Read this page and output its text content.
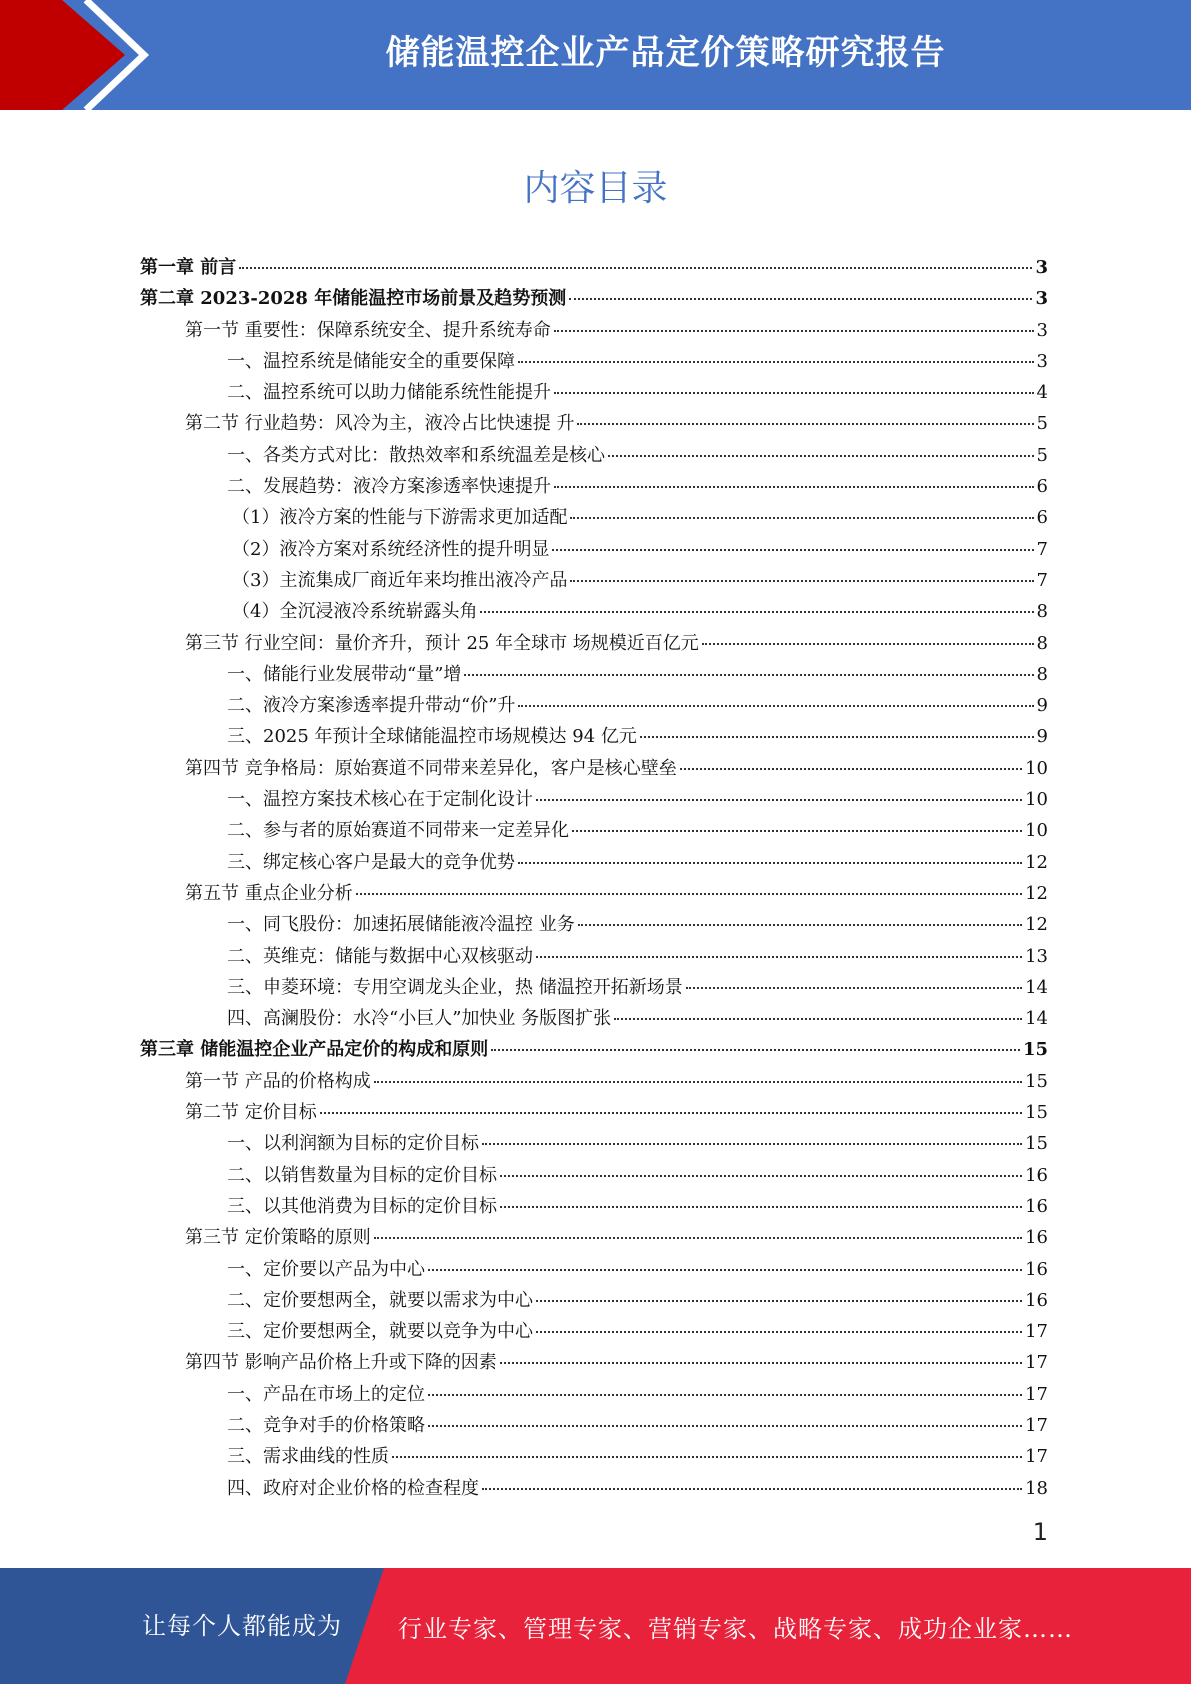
储能温控企业产品定价策略研究报告
内容目录
第一章 前言	3
第二章 2023-2028 年储能温控市场前景及趋势预测	3
第一节 重要性：保障系统安全、提升系统寿命	3
一、温控系统是储能安全的重要保障	3
二、温控系统可以助力储能系统性能提升	4
第二节 行业趋势：风冷为主，液冷占比快速提 升	5
一、各类方式对比：散热效率和系统温差是核心	5
二、发展趋势：液冷方案渗透率快速提升	6
（1）液冷方案的性能与下游需求更加适配	6
（2）液冷方案对系统经济性的提升明显	7
（3）主流集成厂商近年来均推出液冷产品	7
（4）全沉浸液冷系统崭露头角	8
第三节 行业空间：量价齐升，预计 25 年全球市 场规模近百亿元	8
一、储能行业发展带动“量”增	8
二、液冷方案渗透率提升带动“价”升	9
三、2025 年预计全球储能温控市场规模达 94 亿元	9
第四节 竞争格局：原始赛道不同带来差异化，客户是核心壁垒	10
一、温控方案技术核心在于定制化设计	10
二、参与者的原始赛道不同带来一定差异化	10
三、绑定核心客户是最大的竞争优势	12
第五节 重点企业分析	12
一、同飞股份：加速拓展储能液冷温控 业务	12
二、英维克：储能与数据中心双核驱动	13
三、申菱环境：专用空调龙头企业，热 储温控开拓新场景	14
四、高澜股份：水冷“小巨人”加快业 务版图扩张	14
第三章 储能温控企业产品定价的构成和原则	15
第一节 产品的价格构成	15
第二节 定价目标	15
一、以利润额为目标的定价目标	15
二、以销售数量为目标的定价目标	16
三、以其他消费为目标的定价目标	16
第三节 定价策略的原则	16
一、定价要以产品为中心	16
二、定价要想两全，就要以需求为中心	16
三、定价要想两全，就要以竞争为中心	17
第四节 影响产品价格上升或下降的因素	17
一、产品在市场上的定位	17
二、竞争对手的价格策略	17
三、需求曲线的性质	17
四、政府对企业价格的检查程度	18
1
让每个人都能成为 行业专家、管理专家、营销专家、战略专家、成功企业家……
